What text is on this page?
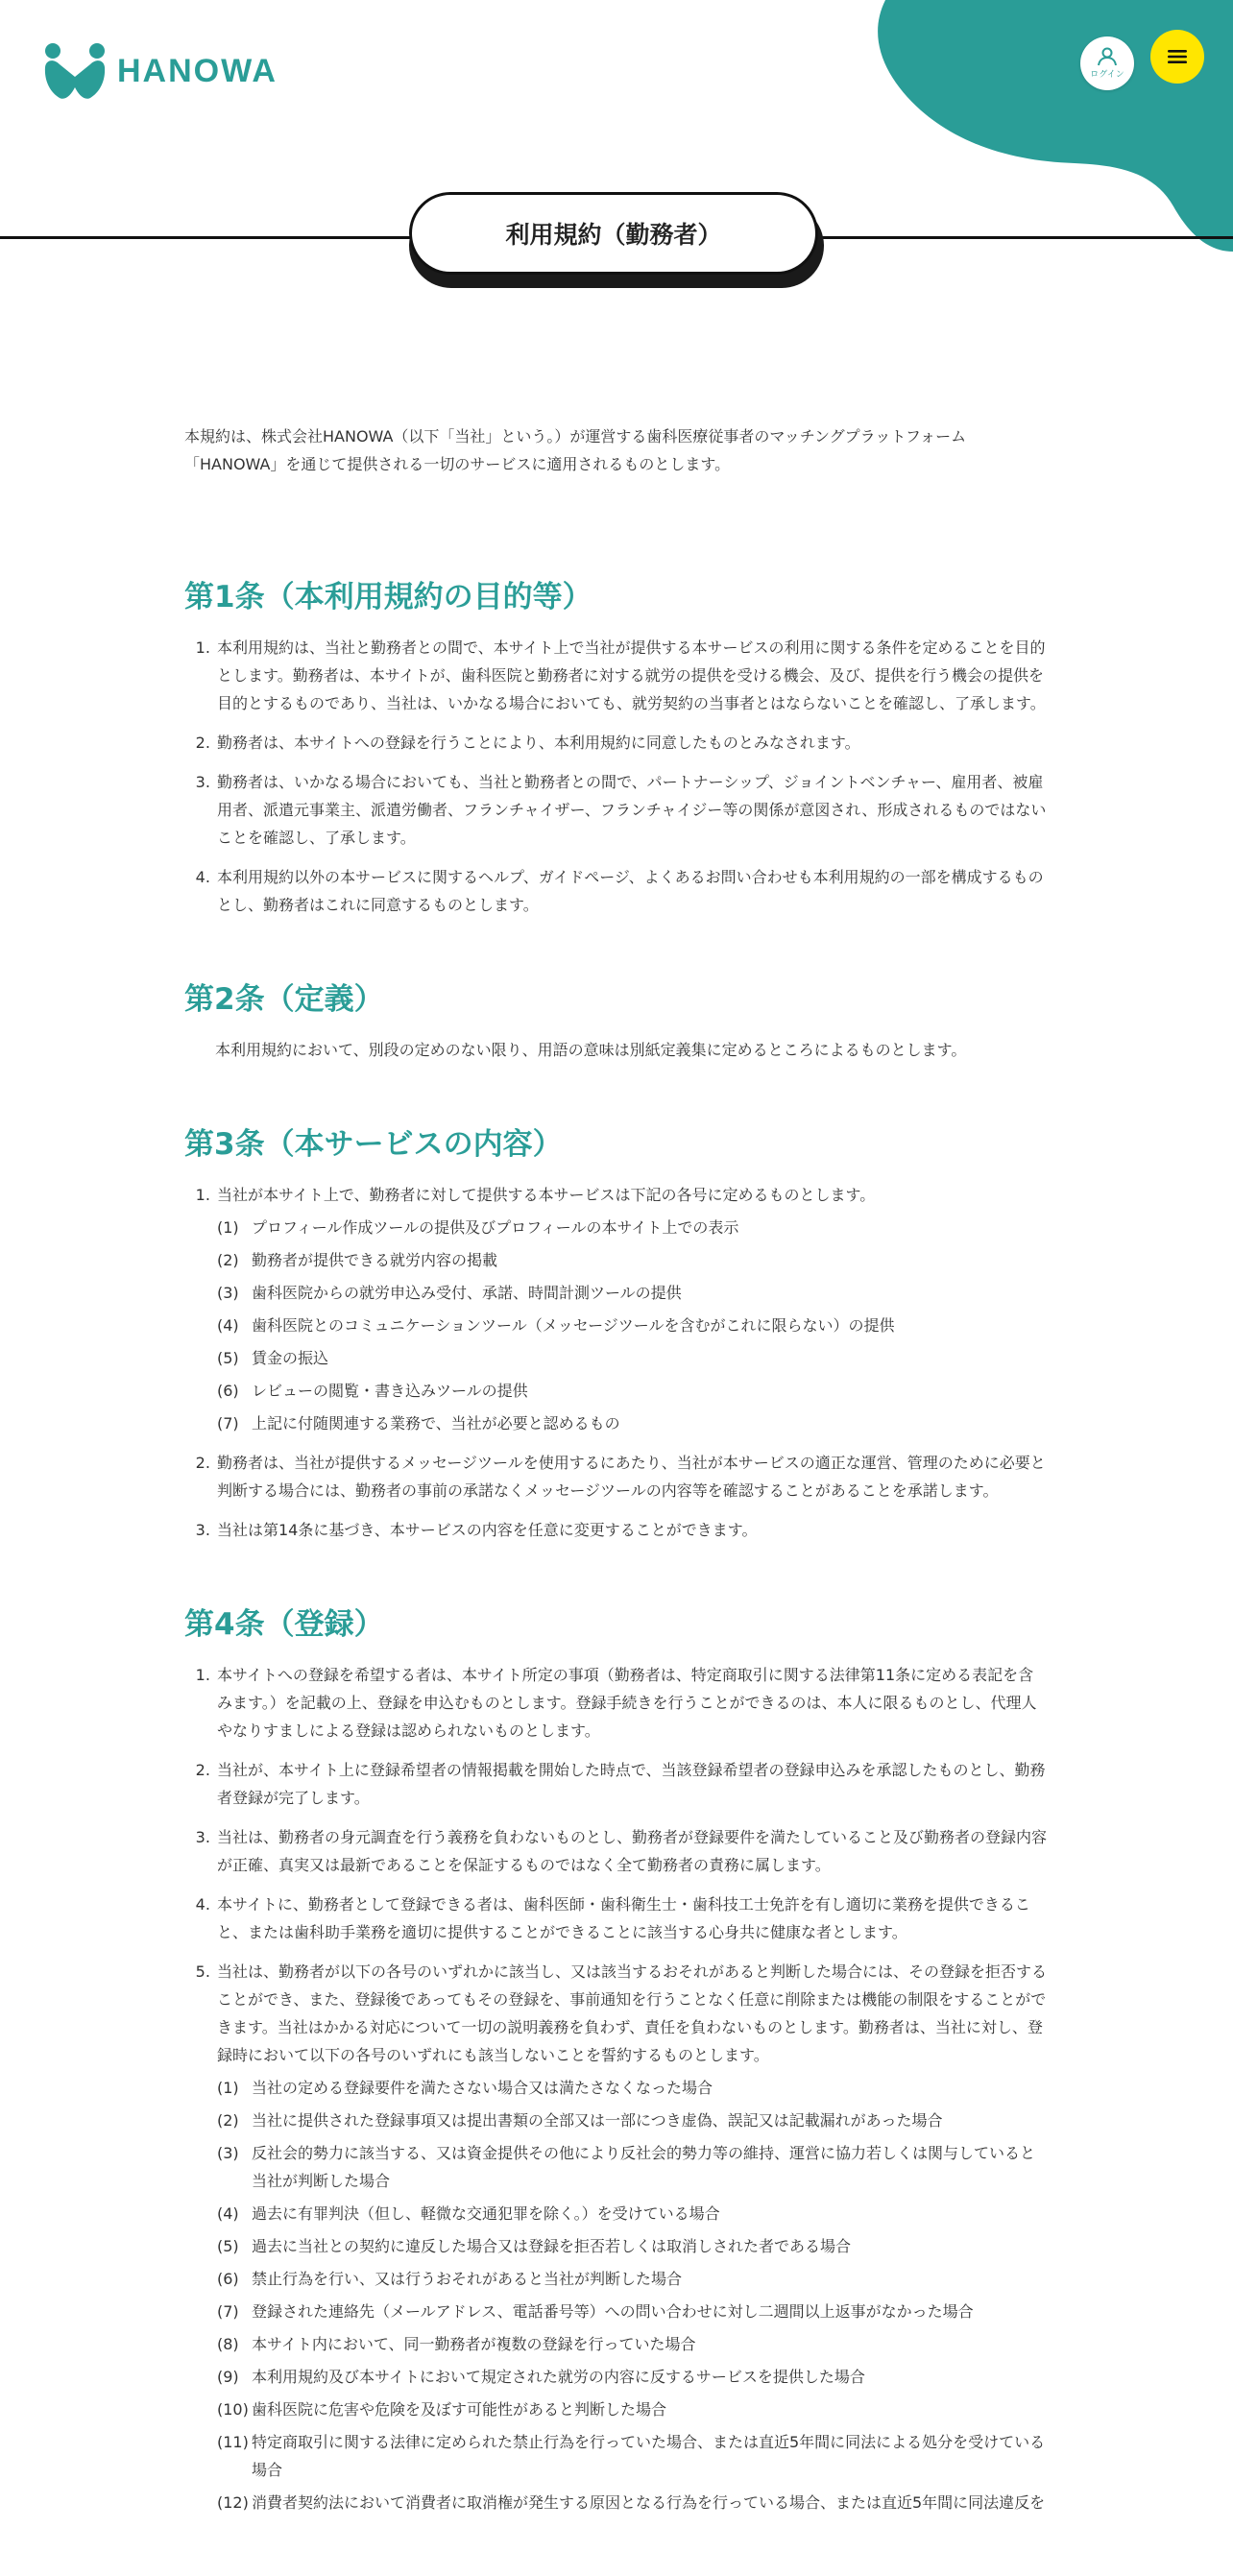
HANOWA	ログイン
利用規約（勤務者）

本規約は、株式会社HANOWA（以下「当社」という。）が運営する歯科医療従事者のマッチングプラットフォーム「HANOWA」を通じて提供される一切のサービスに適用されるものとします。

第1条（本利用規約の目的等）
1. 本利用規約は、当社と勤務者との間で、本サイト上で当社が提供する本サービスの利用に関する条件を定めることを目的とします。勤務者は、本サイトが、歯科医院と勤務者に対する就労の提供を受ける機会、及び、提供を行う機会の提供を目的とするものであり、当社は、いかなる場合においても、就労契約の当事者とはならないことを確認し、了承します。
2. 勤務者は、本サイトへの登録を行うことにより、本利用規約に同意したものとみなされます。
3. 勤務者は、いかなる場合においても、当社と勤務者との間で、パートナーシップ、ジョイントベンチャー、雇用者、被雇用者、派遣元事業主、派遣労働者、フランチャイザー、フランチャイジー等の関係が意図され、形成されるものではないことを確認し、了承します。
4. 本利用規約以外の本サービスに関するヘルプ、ガイドページ、よくあるお問い合わせも本利用規約の一部を構成するものとし、勤務者はこれに同意するものとします。
第2条（定義）

本利用規約において、別段の定めのない限り、用語の意味は別紙定義集に定めるところによるものとします。

第3条（本サービスの内容）
1. 当社が本サイト上で、勤務者に対して提供する本サービスは下記の各号に定めるものとします。
(1) プロフィール作成ツールの提供及びプロフィールの本サイト上での表示
(2) 勤務者が提供できる就労内容の掲載
(3) 歯科医院からの就労申込み受付、承諾、時間計測ツールの提供
(4) 歯科医院とのコミュニケーションツール（メッセージツールを含むがこれに限らない）の提供
(5) 賃金の振込
(6) レビューの閲覧・書き込みツールの提供
(7) 上記に付随関連する業務で、当社が必要と認めるもの
2. 勤務者は、当社が提供するメッセージツールを使用するにあたり、当社が本サービスの適正な運営、管理のために必要と判断する場合には、勤務者の事前の承諾なくメッセージツールの内容等を確認することがあることを承諾します。
3. 当社は第14条に基づき、本サービスの内容を任意に変更することができます。
第4条（登録）
1. 本サイトへの登録を希望する者は、本サイト所定の事項（勤務者は、特定商取引に関する法律第11条に定める表記を含みます。）を記載の上、登録を申込むものとします。登録手続きを行うことができるのは、本人に限るものとし、代理人やなりすましによる登録は認められないものとします。
2. 当社が、本サイト上に登録希望者の情報掲載を開始した時点で、当該登録希望者の登録申込みを承認したものとし、勤務者登録が完了します。
3. 当社は、勤務者の身元調査を行う義務を負わないものとし、勤務者が登録要件を満たしていること及び勤務者の登録内容が正確、真実又は最新であることを保証するものではなく全て勤務者の責務に属します。
4. 本サイトに、勤務者として登録できる者は、歯科医師・歯科衛生士・歯科技工士免許を有し適切に業務を提供できること、または歯科助手業務を適切に提供することができることに該当する心身共に健康な者とします。
5. 当社は、勤務者が以下の各号のいずれかに該当し、又は該当するおそれがあると判断した場合には、その登録を拒否することができ、また、登録後であってもその登録を、事前通知を行うことなく任意に削除または機能の制限をすることができます。当社はかかる対応について一切の説明義務を負わず、責任を負わないものとします。勤務者は、当社に対し、登録時において以下の各号のいずれにも該当しないことを誓約するものとします。
(1) 当社の定める登録要件を満たさない場合又は満たさなくなった場合
(2) 当社に提供された登録事項又は提出書類の全部又は一部につき虚偽、誤記又は記載漏れがあった場合
(3) 反社会的勢力に該当する、又は資金提供その他により反社会的勢力等の維持、運営に協力若しくは関与していると当社が判断した場合
(4) 過去に有罪判決（但し、軽微な交通犯罪を除く。）を受けている場合
(5) 過去に当社との契約に違反した場合又は登録を拒否若しくは取消しされた者である場合
(6) 禁止行為を行い、又は行うおそれがあると当社が判断した場合
(7) 登録された連絡先（メールアドレス、電話番号等）への問い合わせに対し二週間以上返事がなかった場合
(8) 本サイト内において、同一勤務者が複数の登録を行っていた場合
(9) 本利用規約及び本サイトにおいて規定された就労の内容に反するサービスを提供した場合
(10) 歯科医院に危害や危険を及ぼす可能性があると判断した場合
(11) 特定商取引に関する法律に定められた禁止行為を行っていた場合、または直近5年間に同法による処分を受けている場合
(12) 消費者契約法において消費者に取消権が発生する原因となる行為を行っている場合、または直近5年間に同法違反を
